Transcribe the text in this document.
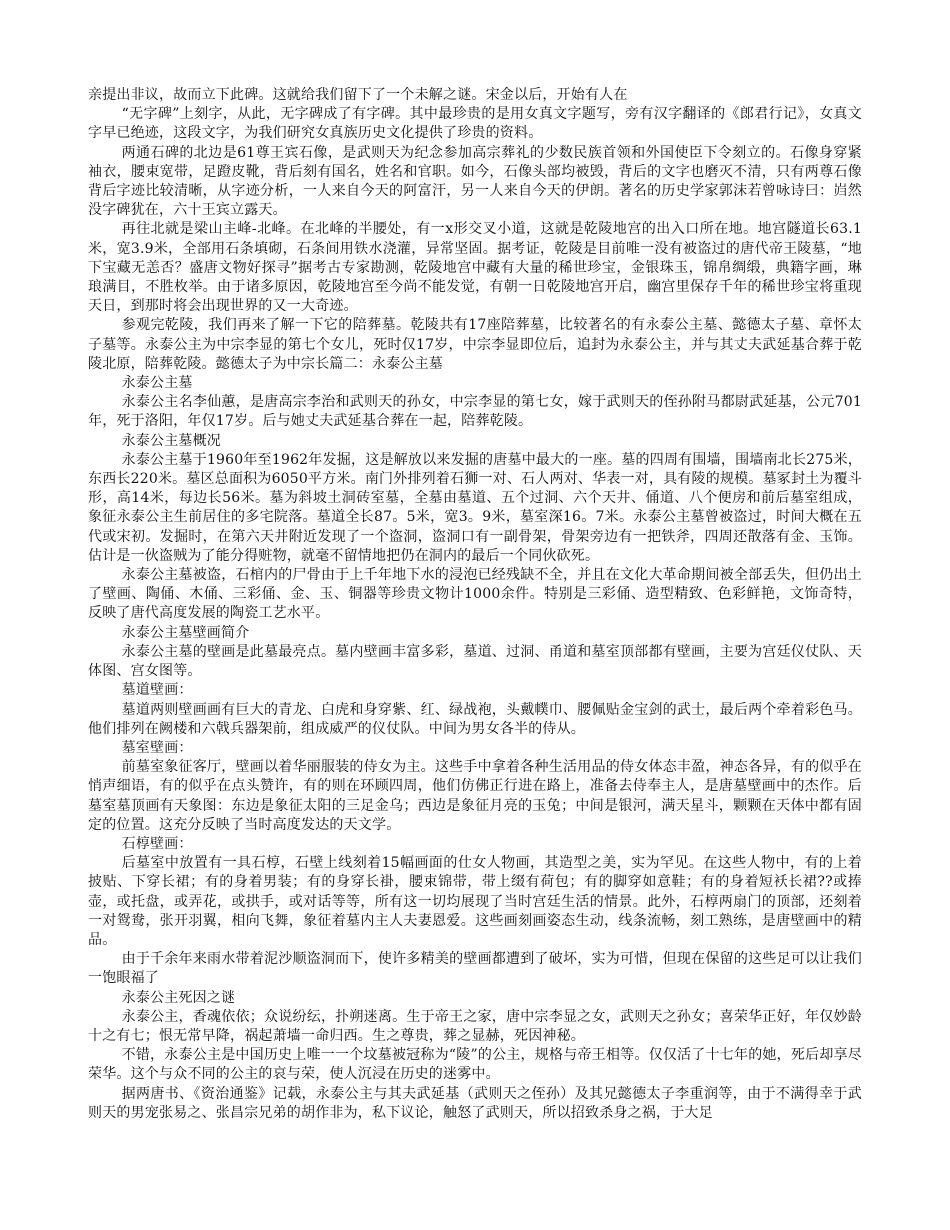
亲提出非议，故而立下此碑。这就给我们留下了一个未解之谜。宋金以后，开始有人在

“无字碑”上刻字，从此，无字碑成了有字碑。其中最珍贵的是用女真文字题写，旁有汉字翻译的《郎君行记》，女真文字早已绝迹，这段文字，为我们研究女真族历史文化提供了珍贵的资料。

两通石碑的北边是61尊王宾石像，是武则天为纪念参加高宗葬礼的少数民族首领和外国使臣下令刻立的。石像身穿紧袖衣，腰束宽带，足蹬皮靴，背后刻有国名，姓名和官职。如今，石像头部均被毁，背后的文字也磨灭不清，只有两尊石像背后字迹比较清晰，从字迹分析，一人来自今天的阿富汗，另一人来自今天的伊朗。著名的历史学家郭沫若曾咏诗曰：岿然没字碑犹在，六十王宾立露天。

再往北就是梁山主峰-北峰。在北峰的半腰处，有一x形交叉小道，这就是乾陵地宫的出入口所在地。地宫隧道长63.1米，宽3.9米，全部用石条填砌，石条间用铁水浇灌，异常坚固。据考证，乾陵是目前唯一没有被盗过的唐代帝王陵墓，“地下宝藏无恙否？盛唐文物好探寻”据考古专家勘测，乾陵地宫中藏有大量的稀世珍宝，金银珠玉，锦帛绸缎，典籍字画，琳琅满目，不胜枚举。由于诸多原因，乾陵地宫至今尚不能发觉，有朝一日乾陵地宫开启，幽宫里保存千年的稀世珍宝将重现天日，到那时将会出现世界的又一大奇迹。

参观完乾陵，我们再来了解一下它的陪葬墓。乾陵共有17座陪葬墓，比较著名的有永泰公主墓、懿德太子墓、章怀太子墓等。永泰公主为中宗李显的第七个女儿，死时仅17岁，中宗李显即位后，追封为永泰公主，并与其丈夫武延基合葬于乾陵北原，陪葬乾陵。懿德太子为中宗长篇二：永泰公主墓

永泰公主墓

永泰公主名李仙蕙，是唐高宗李治和武则天的孙女，中宗李显的第七女，嫁于武则天的侄孙附马都尉武延基，公元701年，死于洛阳，年仅17岁。后与她丈夫武延基合葬在一起，陪葬乾陵。

永泰公主墓概况

永泰公主墓于1960年至1962年发掘，这是解放以来发掘的唐墓中最大的一座。墓的四周有围墙，围墙南北长275米，东西长220米。墓区总面积为6050平方米。南门外排列着石狮一对、石人两对、华表一对，具有陵的规模。墓冢封土为覆斗形，高14米，每边长56米。墓为斜坡土洞砖室墓，全墓由墓道、五个过洞、六个天井、俑道、八个便房和前后墓室组成，象征永泰公主生前居住的多宅院落。墓道全长87。5米，宽3。9米，墓室深16。7米。永泰公主墓曾被盗过，时间大概在五代或宋初。发掘时，在第六天井附近发现了一个盗洞，盗洞口有一副骨架，骨架旁边有一把铁斧，四周还散落有金、玉饰。估计是一伙盗贼为了能分得赃物，就毫不留情地把仍在洞内的最后一个同伙砍死。

永泰公主墓被盗，石棺内的尸骨由于上千年地下水的浸泡已经残缺不全，并且在文化大革命期间被全部丢失，但仍出土了壁画、陶俑、木俑、三彩俑、金、玉、铜器等珍贵文物计1000余件。特别是三彩俑、造型精致、色彩鲜艳，文饰奇特，反映了唐代高度发展的陶瓷工艺水平。

永泰公主墓壁画简介

永泰公主墓的壁画是此墓最亮点。墓内壁画丰富多彩，墓道、过洞、甬道和墓室顶部都有壁画，主要为宫廷仪仗队、天体图、宫女图等。

墓道壁画：

墓道两则壁画画有巨大的青龙、白虎和身穿紫、红、绿战袍，头戴幞巾、腰佩贴金宝剑的武士，最后两个牵着彩色马。他们排列在阙楼和六戟兵器架前，组成威严的仪仗队。中间为男女各半的侍从。

墓室壁画：

前墓室象征客厅，壁画以着华丽服装的侍女为主。这些手中拿着各种生活用品的侍女体态丰盈，神态各异，有的似乎在悄声细语，有的似乎在点头赞许，有的则在环顾四周，他们仿佛正行进在路上，准备去侍奉主人，是唐墓壁画中的杰作。后墓室墓顶画有天象图：东边是象征太阳的三足金乌；西边是象征月亮的玉兔；中间是银河，满天星斗，颗颗在天体中都有固定的位置。这充分反映了当时高度发达的天文学。

石椁壁画：

后墓室中放置有一具石椁，石壁上线刻着15幅画面的仕女人物画，其造型之美，实为罕见。在这些人物中，有的上着披贴、下穿长裙；有的身着男装；有的身穿长褂，腰束锦带，带上缀有荷包；有的脚穿如意鞋；有的身着短袄长裙??或捧壶，或托盘，或弄花，或拱手，或对话等等，所有这一切均展现了当时宫廷生活的情景。此外，石椁两扇门的顶部，还刻着一对鸳鸯，张开羽翼，相向飞舞，象征着墓内主人夫妻恩爱。这些画刻画姿态生动，线条流畅，刻工熟练，是唐壁画中的精品。

由于千余年来雨水带着泥沙顺盗洞而下，使许多精美的壁画都遭到了破坏，实为可惜，但现在保留的这些足可以让我们一饱眼福了

永泰公主死因之谜

永泰公主，香魂依依；众说纷纭，扑朔迷离。生于帝王之家，唐中宗李显之女，武则天之孙女；喜荣华正好，年仅妙龄十之有七；恨无常早降，祸起萧墙一命归西。生之尊贵，葬之显赫，死因神秘。

不错，永泰公主是中国历史上唯一一个坟墓被冠称为“陵”的公主，规格与帝王相等。仅仅活了十七年的她，死后却享尽荣华。这个与众不同的公主的哀与荣，使人沉浸在历史的迷雾中。

据两唐书、《资治通鉴》记载，永泰公主与其夫武延基（武则天之侄孙）及其兄懿德太子李重润等，由于不满得幸于武则天的男宠张易之、张昌宗兄弟的胡作非为，私下议论，触怒了武则天，所以招致杀身之祸，于大足
